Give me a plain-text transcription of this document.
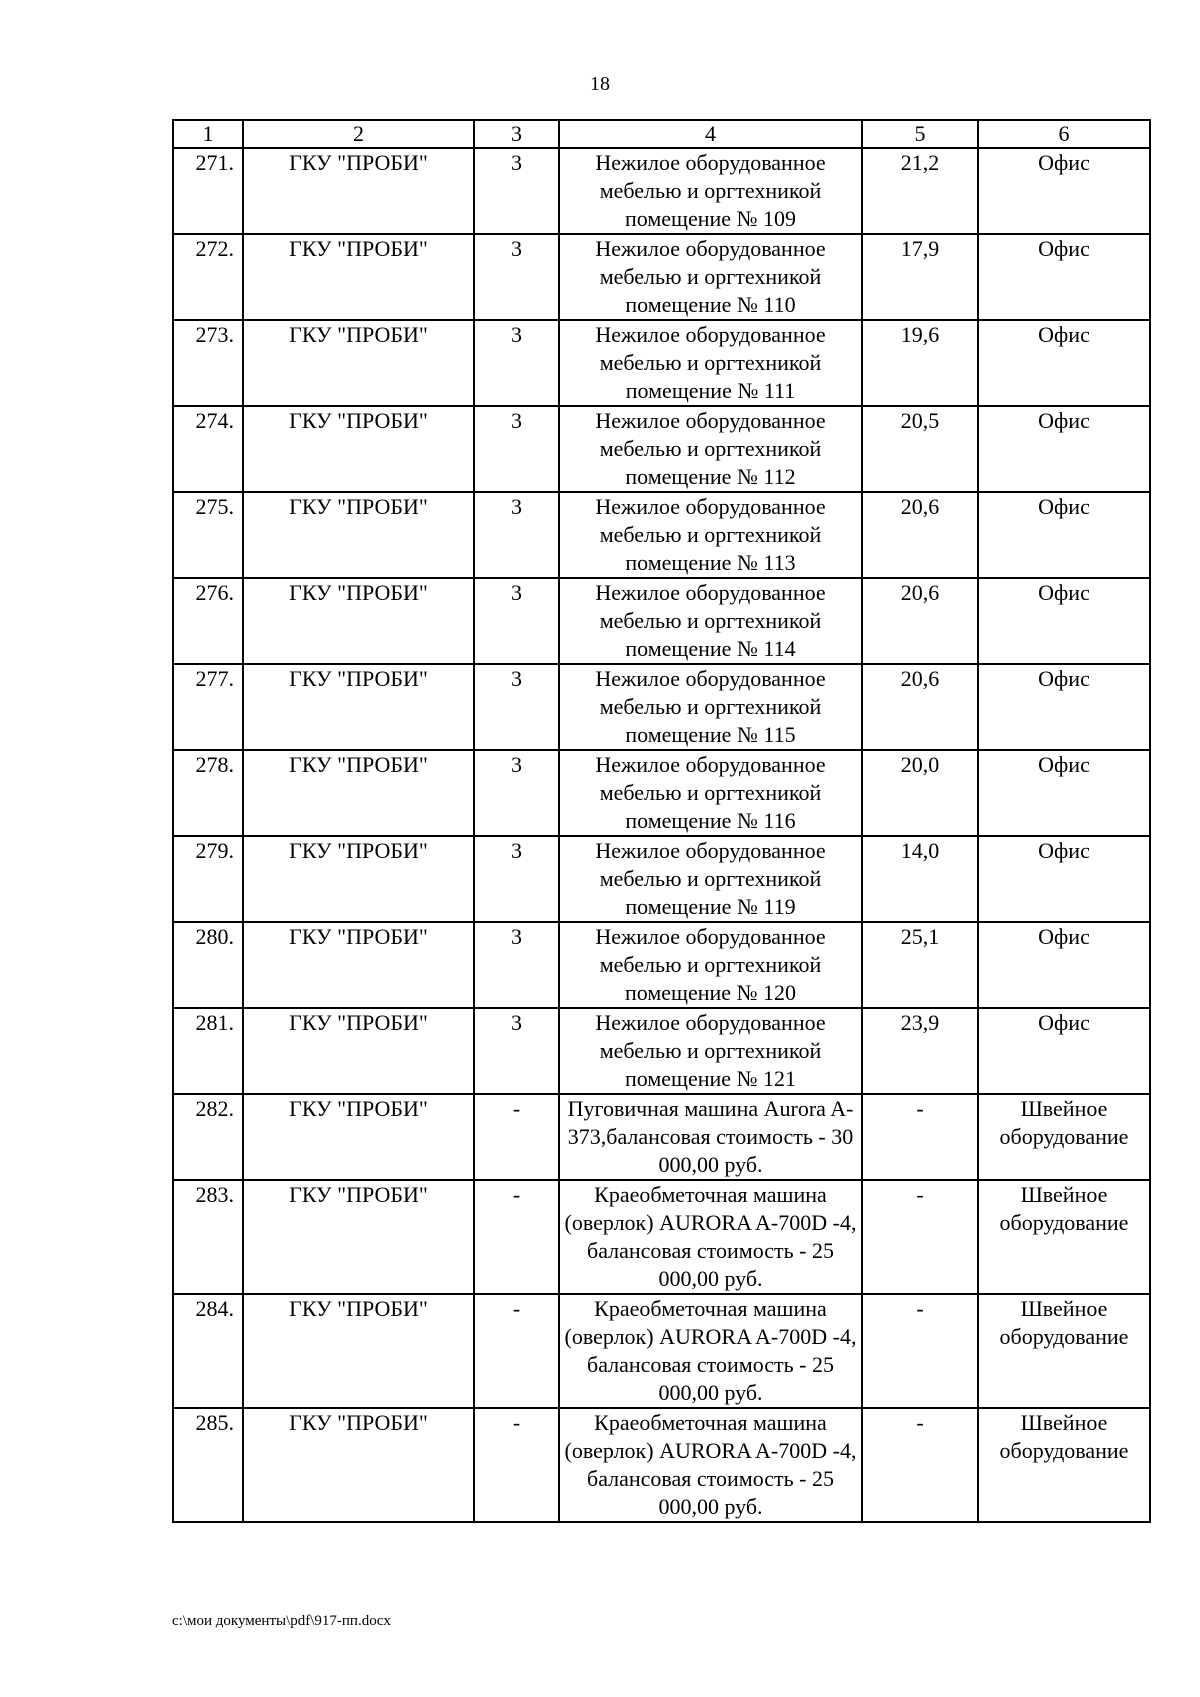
18
1	2	3	4	5	6
271.	ГКУ "ПРОБИ"	3	Нежилое оборудованное мебелью и оргтехникой помещение № 109	21,2	Офис
272.	ГКУ "ПРОБИ"	3	Нежилое оборудованное мебелью и оргтехникой помещение № 110	17,9	Офис
273.	ГКУ "ПРОБИ"	3	Нежилое оборудованное мебелью и оргтехникой помещение № 111	19,6	Офис
274.	ГКУ "ПРОБИ"	3	Нежилое оборудованное мебелью и оргтехникой помещение № 112	20,5	Офис
275.	ГКУ "ПРОБИ"	3	Нежилое оборудованное мебелью и оргтехникой помещение № 113	20,6	Офис
276.	ГКУ "ПРОБИ"	3	Нежилое оборудованное мебелью и оргтехникой помещение № 114	20,6	Офис
277.	ГКУ "ПРОБИ"	3	Нежилое оборудованное мебелью и оргтехникой помещение № 115	20,6	Офис
278.	ГКУ "ПРОБИ"	3	Нежилое оборудованное мебелью и оргтехникой помещение № 116	20,0	Офис
279.	ГКУ "ПРОБИ"	3	Нежилое оборудованное мебелью и оргтехникой помещение № 119	14,0	Офис
280.	ГКУ "ПРОБИ"	3	Нежилое оборудованное мебелью и оргтехникой помещение № 120	25,1	Офис
281.	ГКУ "ПРОБИ"	3	Нежилое оборудованное мебелью и оргтехникой помещение № 121	23,9	Офис
282.	ГКУ "ПРОБИ"	-	Пуговичная машина Aurora A-373,балансовая стоимость - 30 000,00 руб.	-	Швейное оборудование
283.	ГКУ "ПРОБИ"	-	Краеобметочная машина (оверлок) AURORA A-700D -4, балансовая стоимость - 25 000,00 руб.	-	Швейное оборудование
284.	ГКУ "ПРОБИ"	-	Краеобметочная машина (оверлок) AURORA A-700D -4, балансовая стоимость - 25 000,00 руб.	-	Швейное оборудование
285.	ГКУ "ПРОБИ"	-	Краеобметочная машина (оверлок) AURORA A-700D -4, балансовая стоимость - 25 000,00 руб.	-	Швейное оборудование
c:\мои документы\pdf\917-пп.docx
